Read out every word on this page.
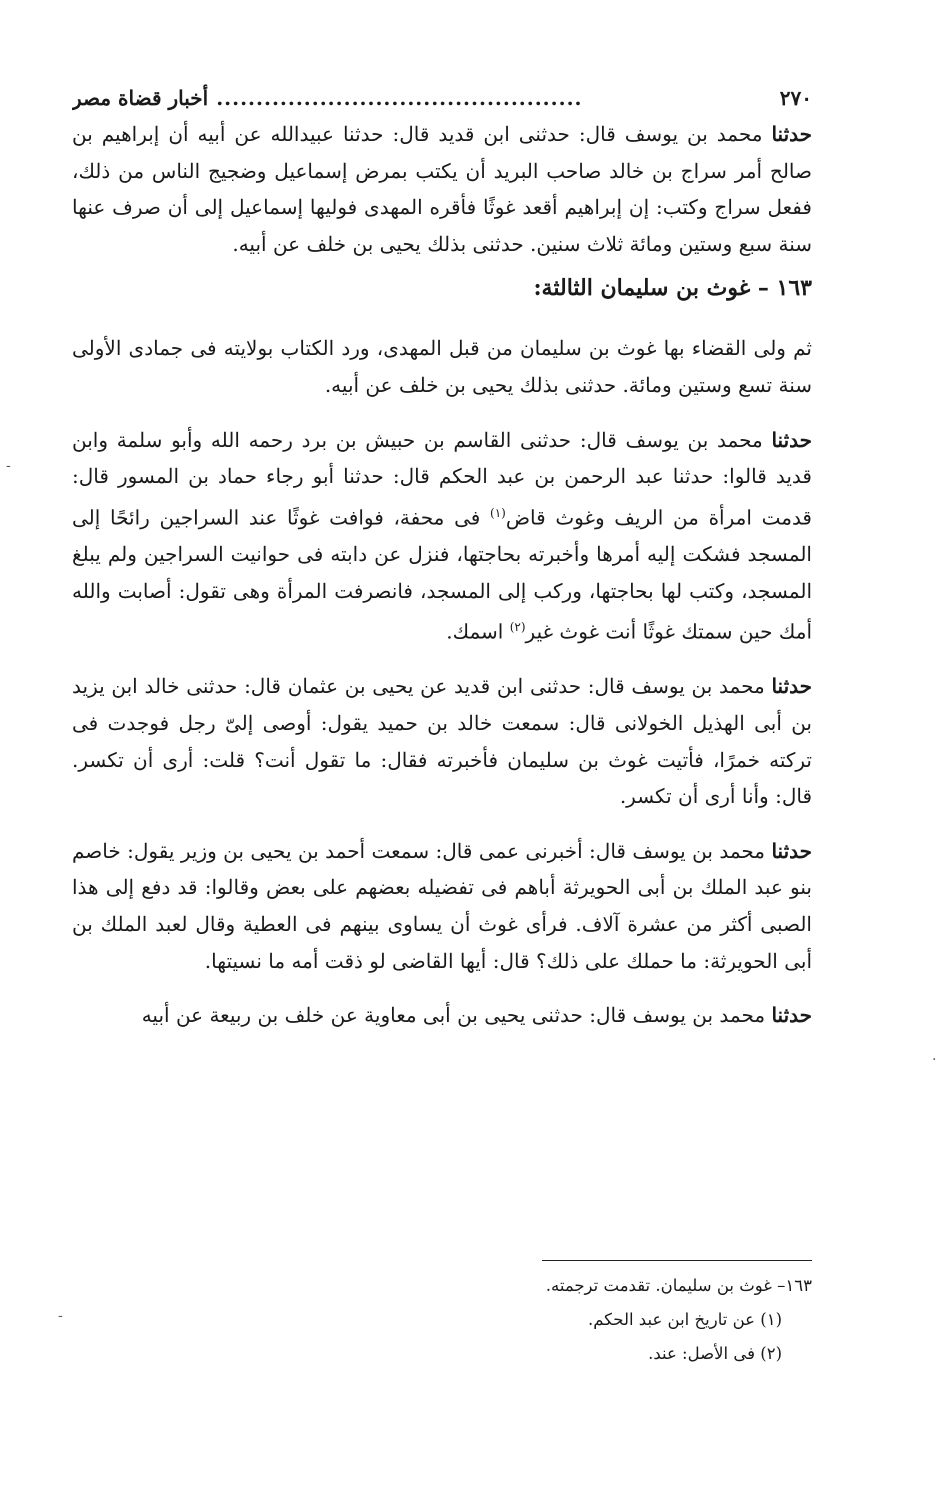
٢٧٠
..............................................
أخبار قضاة مصر

حدثنا محمد بن يوسف قال: حدثنى ابن قديد قال: حدثنا عبيدالله عن أبيه أن إبراهيم بن صالح أمر سراج بن خالد صاحب البريد أن يكتب بمرض إسماعيل وضجيج الناس من ذلك، ففعل سراج وكتب: إن إبراهيم أقعد غوثًا فأقره المهدى فوليها إسماعيل إلى أن صرف عنها سنة سبع وستين ومائة ثلاث سنين. حدثنى بذلك يحيى بن خلف عن أبيه.

١٦٣ – غوث بن سليمان الثالثة:

ثم ولى القضاء بها غوث بن سليمان من قبل المهدى، ورد الكتاب بولايته فى جمادى الأولى سنة تسع وستين ومائة. حدثنى بذلك يحيى بن خلف عن أبيه.

حدثنا محمد بن يوسف قال: حدثنى القاسم بن حبيش بن برد رحمه الله وأبو سلمة وابن قديد قالوا: حدثنا عبد الرحمن بن عبد الحكم قال: حدثنا أبو رجاء حماد بن المسور قال: قدمت امرأة من الريف وغوث قاض$^{(١)}$ فى محفة، فوافت غوثًا عند السراجين رائحًا إلى المسجد فشكت إليه أمرها وأخبرته بحاجتها، فنزل عن دابته فى حوانيت السراجين ولم يبلغ المسجد، وكتب لها بحاجتها، وركب إلى المسجد، فانصرفت المرأة وهى تقول: أصابت والله أمك حين سمتك غوثًا أنت غوث غير$^{(٢)}$ اسمك.

حدثنا محمد بن يوسف قال: حدثنى ابن قديد عن يحيى بن عثمان قال: حدثنى خالد ابن يزيد بن أبى الهذيل الخولانى قال: سمعت خالد بن حميد يقول: أوصى إلىّ رجل فوجدت فى تركته خمرًا، فأتيت غوث بن سليمان فأخبرته فقال: ما تقول أنت؟ قلت: أرى أن تكسر. قال: وأنا أرى أن تكسر.

حدثنا محمد بن يوسف قال: أخبرنى عمى قال: سمعت أحمد بن يحيى بن وزير يقول: خاصم بنو عبد الملك بن أبى الحويرثة أباهم فى تفضيله بعضهم على بعض وقالوا: قد دفع إلى هذا الصبى أكثر من عشرة آلاف. فرأى غوث أن يساوى بينهم فى العطية وقال لعبد الملك بن أبى الحويرثة: ما حملك على ذلك؟ قال: أيها القاضى لو ذقت أمه ما نسيتها.

حدثنا محمد بن يوسف قال: حدثنى يحيى بن أبى معاوية عن خلف بن ربيعة عن أبيه

١٦٣– غوث بن سليمان. تقدمت ترجمته.
(١) عن تاريخ ابن عبد الحكم.
(٢) فى الأصل: عند.
-
·
-
